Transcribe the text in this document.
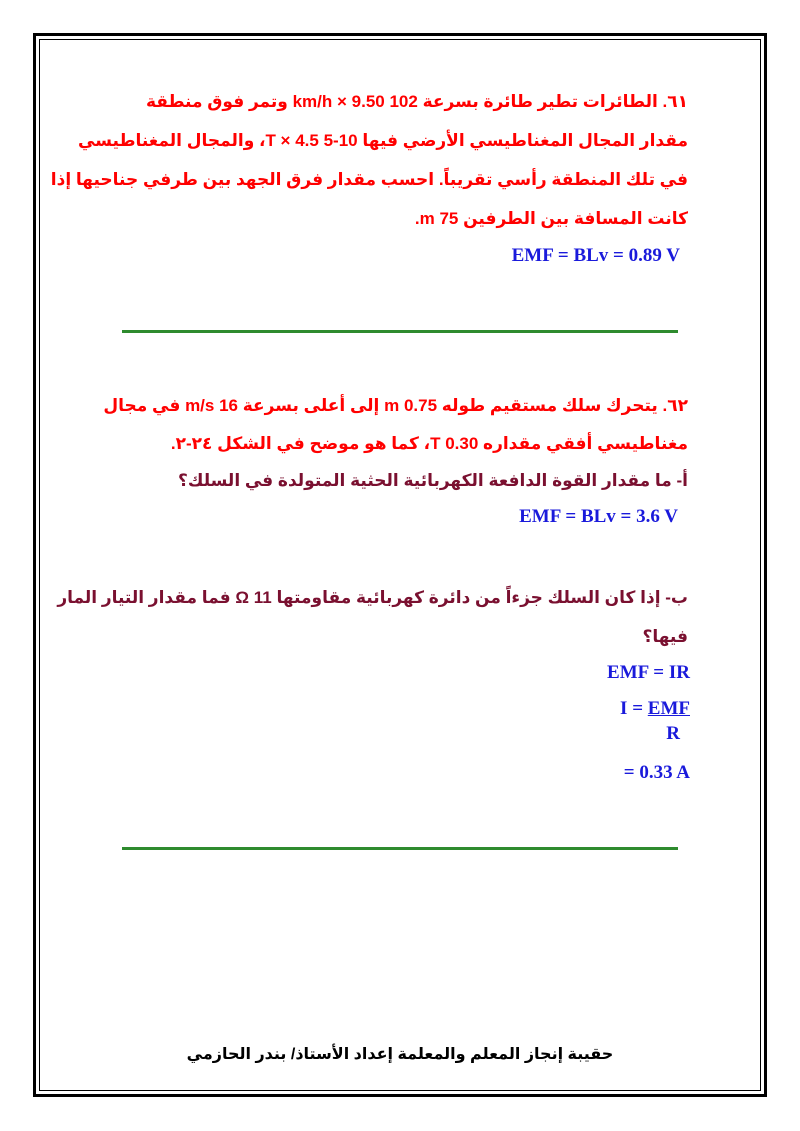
٦١. الطائرات تطير طائرة بسرعة 102 km/h × 9.50 وتمر فوق منطقة
مقدار المجال المغناطيسي الأرضي فيها 10-5 T × 4.5، والمجال المغناطيسي
في تلك المنطقة رأسي تقريباً. احسب مقدار فرق الجهد بين طرفي جناحيها إذا
كانت المسافة بين الطرفين 75 m.
EMF = BLv = 0.89 V
٦٢. يتحرك سلك مستقيم طوله 0.75 m إلى أعلى بسرعة 16 m/s في مجال
مغناطيسي أفقي مقداره 0.30 T، كما هو موضح في الشكل ٢٤-٢.
أ- ما مقدار القوة الدافعة الكهربائية الحثية المتولدة في السلك؟
EMF = BLv = 3.6 V
ب- إذا كان السلك جزءاً من دائرة كهربائية مقاومتها 11 Ω فما مقدار التيار المار
فيها؟
EMF = IR
I = EMF
R
= 0.33 A
حقيبة إنجاز المعلم والمعلمة إعداد الأستاذ/ بندر الحازمي
